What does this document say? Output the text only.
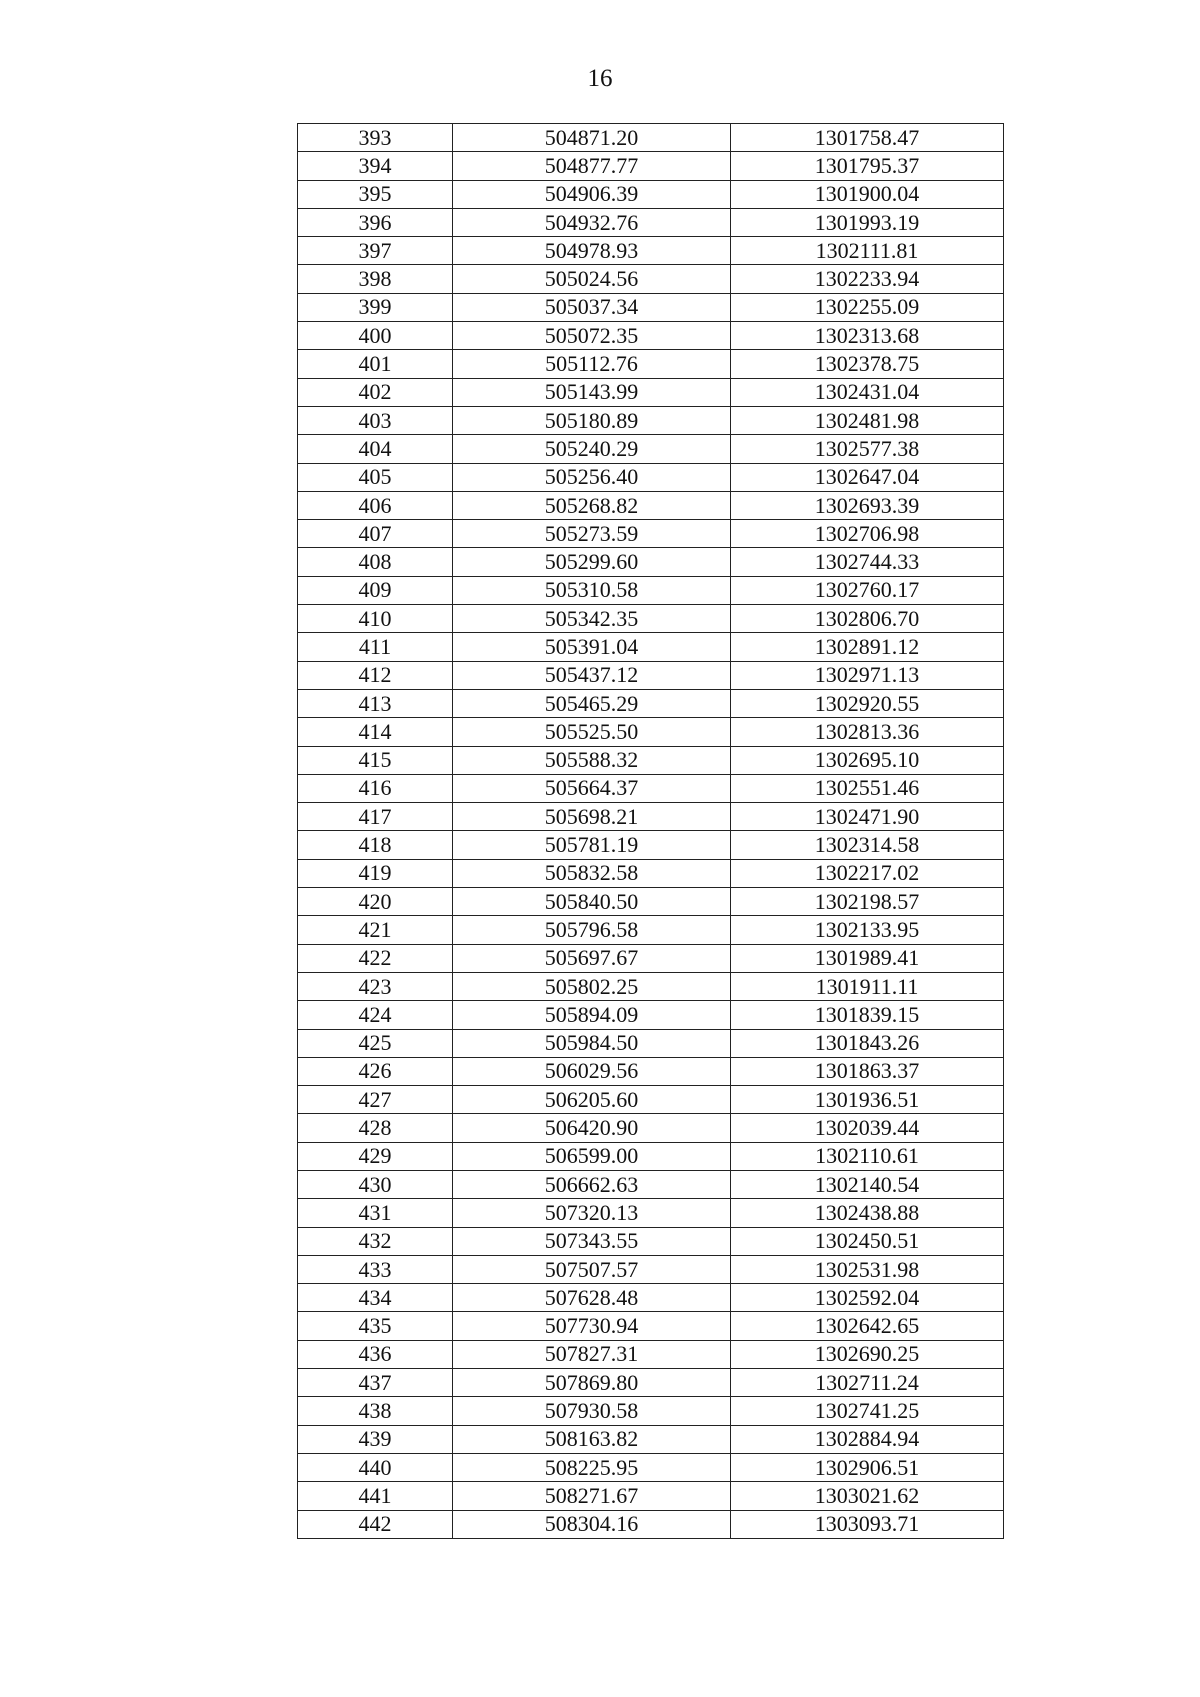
16
393	504871.20	1301758.47
394	504877.77	1301795.37
395	504906.39	1301900.04
396	504932.76	1301993.19
397	504978.93	1302111.81
398	505024.56	1302233.94
399	505037.34	1302255.09
400	505072.35	1302313.68
401	505112.76	1302378.75
402	505143.99	1302431.04
403	505180.89	1302481.98
404	505240.29	1302577.38
405	505256.40	1302647.04
406	505268.82	1302693.39
407	505273.59	1302706.98
408	505299.60	1302744.33
409	505310.58	1302760.17
410	505342.35	1302806.70
411	505391.04	1302891.12
412	505437.12	1302971.13
413	505465.29	1302920.55
414	505525.50	1302813.36
415	505588.32	1302695.10
416	505664.37	1302551.46
417	505698.21	1302471.90
418	505781.19	1302314.58
419	505832.58	1302217.02
420	505840.50	1302198.57
421	505796.58	1302133.95
422	505697.67	1301989.41
423	505802.25	1301911.11
424	505894.09	1301839.15
425	505984.50	1301843.26
426	506029.56	1301863.37
427	506205.60	1301936.51
428	506420.90	1302039.44
429	506599.00	1302110.61
430	506662.63	1302140.54
431	507320.13	1302438.88
432	507343.55	1302450.51
433	507507.57	1302531.98
434	507628.48	1302592.04
435	507730.94	1302642.65
436	507827.31	1302690.25
437	507869.80	1302711.24
438	507930.58	1302741.25
439	508163.82	1302884.94
440	508225.95	1302906.51
441	508271.67	1303021.62
442	508304.16	1303093.71
